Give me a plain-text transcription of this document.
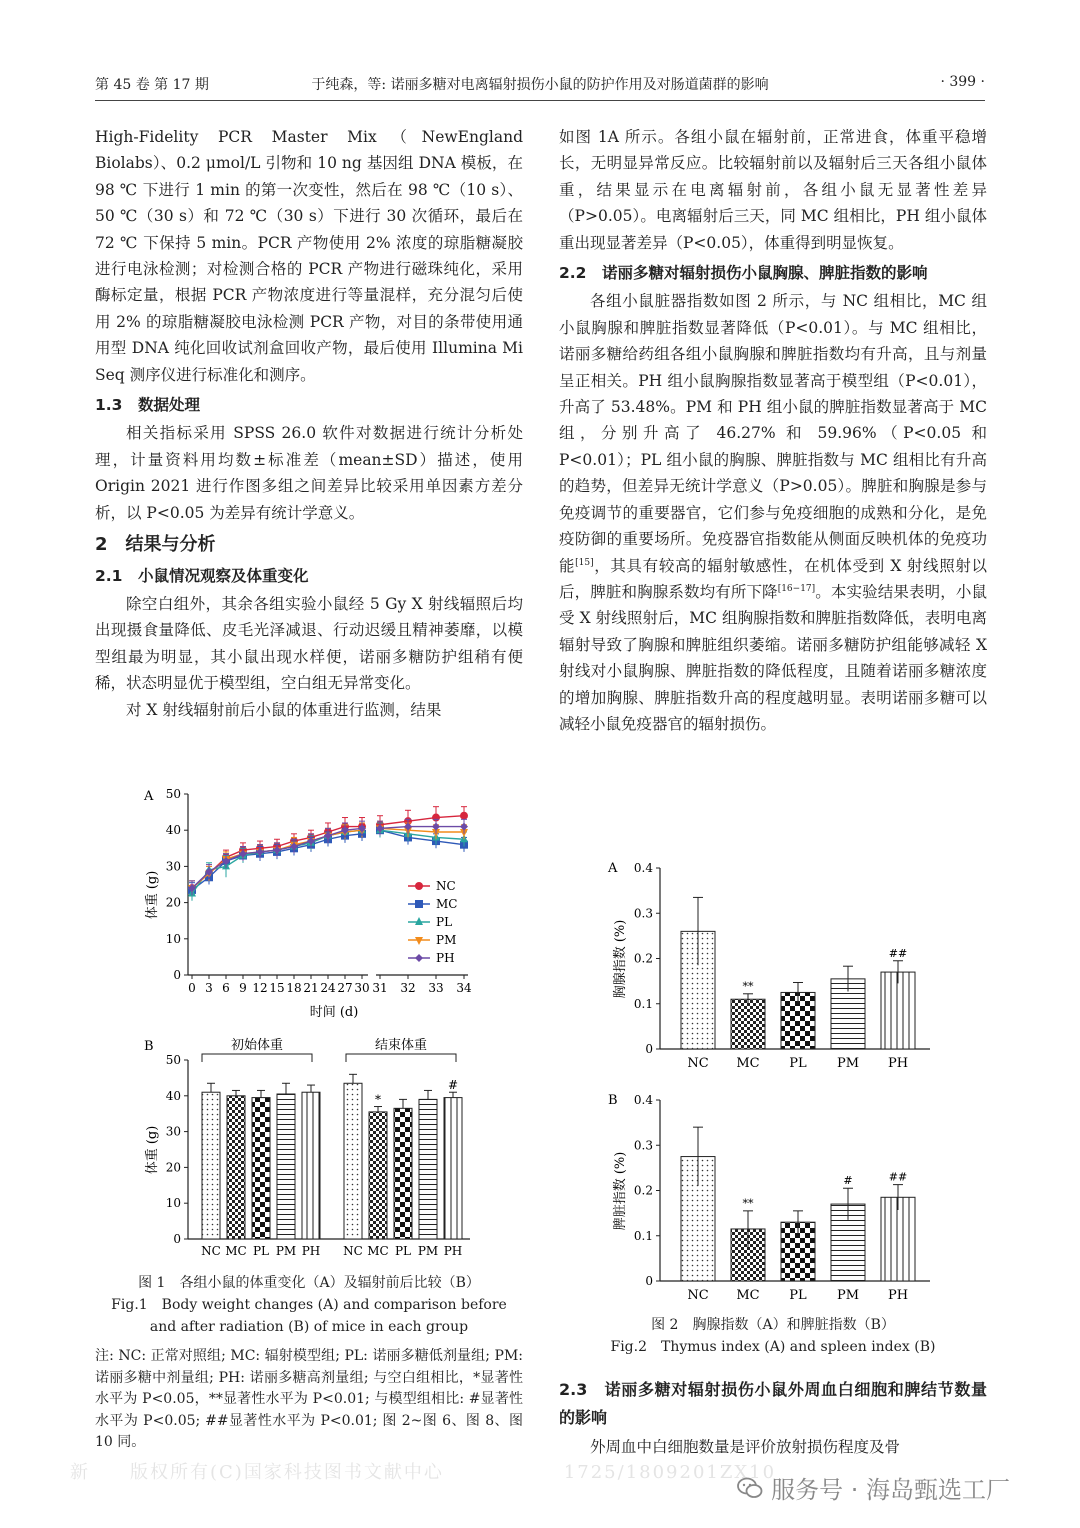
第 45 卷 第 17 期	于纯森，等: 诺丽多糖对电离辐射损伤小鼠的防护作用及对肠道菌群的影响	· 399 ·

High-Fidelity PCR Master Mix（NewEngland Biolabs）、0.2 μmol/L 引物和 10 ng 基因组 DNA 模板，在 98 ℃ 下进行 1 min 的第一次变性，然后在 98 ℃（10 s）、50 ℃（30 s）和 72 ℃（30 s）下进行 30 次循环，最后在 72 ℃ 下保持 5 min。PCR 产物使用 2% 浓度的琼脂糖凝胶进行电泳检测；对检测合格的 PCR 产物进行磁珠纯化，采用酶标定量，根据 PCR 产物浓度进行等量混样，充分混匀后使用 2% 的琼脂糖凝胶电泳检测 PCR 产物，对目的条带使用通用型 DNA 纯化回收试剂盒回收产物，最后使用 Illumina Mi Seq 测序仪进行标准化和测序。

1.3　数据处理

相关指标采用 SPSS 26.0 软件对数据进行统计分析处理，计量资料用均数±标准差（mean±SD）描述，使用 Origin 2021 进行作图多组之间差异比较采用单因素方差分析，以 P<0.05 为差异有统计学意义。

2　结果与分析
2.1　小鼠情况观察及体重变化

除空白组外，其余各组实验小鼠经 5 Gy X 射线辐照后均出现摄食量降低、皮毛光泽减退、行动迟缓且精神萎靡，以模型组最为明显，其小鼠出现水样便，诺丽多糖防护组稍有便稀，状态明显优于模型组，空白组无异常变化。

对 X 射线辐射前后小鼠的体重进行监测，结果

A
体重 (g)
时间 (d)
0
10
20
30
40
50
0 3 6 9 12 15 18 21 24 27 30 31 32 33 34
NC
MC
PL
PM
PH
B
体重 (g)
初始体重	结束体重
0
10
20
30
40
50
NC MC PL PM PH NC
*
MC PL PM
#
PH
图 1　各组小鼠的体重变化（A）及辐射前后比较（B）
Fig.1　Body weight changes (A) and comparison before and after radiation (B) of mice in each group
注: NC: 正常对照组; MC: 辐射模型组; PL: 诺丽多糖低剂量组; PM: 诺丽多糖中剂量组; PH: 诺丽多糖高剂量组; 与空白组相比，*显著性水平为 P<0.05，**显著性水平为 P<0.01; 与模型组相比: #显著性水平为 P<0.05; ##显著性水平为 P<0.01; 图 2~图 6、图 8、图 10 同。

如图 1A 所示。各组小鼠在辐射前，正常进食，体重平稳增长，无明显异常反应。比较辐射前以及辐射后三天各组小鼠体重，结果显示在电离辐射前，各组小鼠无显著性差异（P>0.05）。电离辐射后三天，同 MC 组相比，PH 组小鼠体重出现显著差异（P<0.05），体重得到明显恢复。

2.2　诺丽多糖对辐射损伤小鼠胸腺、脾脏指数的影响

各组小鼠脏器指数如图 2 所示，与 NC 组相比，MC 组小鼠胸腺和脾脏指数显著降低（P<0.01）。与 MC 组相比，诺丽多糖给药组各组小鼠胸腺和脾脏指数均有升高，且与剂量呈正相关。PH 组小鼠胸腺指数显著高于模型组（P<0.01），升高了 53.48%。PM 和 PH 组小鼠的脾脏指数显著高于 MC 组，分别升高了 46.27% 和 59.96%（P<0.05 和 P<0.01）；PL 组小鼠的胸腺、脾脏指数与 MC 组相比有升高的趋势，但差异无统计学意义（P>0.05）。脾脏和胸腺是参与免疫调节的重要器官，它们参与免疫细胞的成熟和分化，是免疫防御的重要场所。免疫器官指数能从侧面反映机体的免疫功能[15]，其具有较高的辐射敏感性，在机体受到 X 射线照射以后，脾脏和胸腺系数均有所下降[16−17]。本实验结果表明，小鼠受 X 射线照射后，MC 组胸腺指数和脾脏指数降低，表明电离辐射导致了胸腺和脾脏组织萎缩。诺丽多糖防护组能够减轻 X 射线对小鼠胸腺、脾脏指数的降低程度，且随着诺丽多糖浓度的增加胸腺、脾脏指数升高的程度越明显。表明诺丽多糖可以减轻小鼠免疫器官的辐射损伤。

A
胸腺指数 (%)
0
0.1
0.2
0.3
0.4
NC
**
MC PL PM
##
PH
B
脾脏指数 (%)
0
0.1
0.2
0.3
0.4
NC
**
MC PL
#
PM
##
PH
图 2　胸腺指数（A）和脾脏指数（B）
Fig.2　Thymus index (A) and spleen index (B)
2.3　诺丽多糖对辐射损伤小鼠外周血白细胞和脾结节数量的影响

外周血中白细胞数量是评价放射损伤程度及骨

新　　版权所有(C)国家科技图书文献中心　　　　　　1725/1809201ZX10
服务号 · 海岛甄选工厂
